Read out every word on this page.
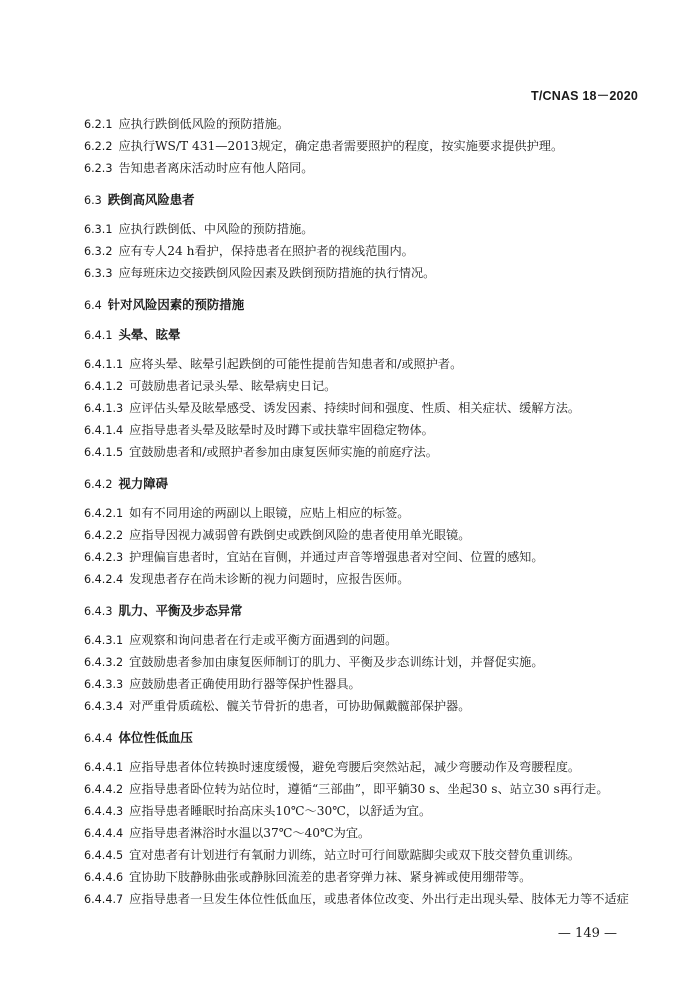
T/CNAS 18－2020
6.2.1 应执行跌倒低风险的预防措施。
6.2.2 应执行WS/T 431—2013规定，确定患者需要照护的程度，按实施要求提供护理。
6.2.3 告知患者离床活动时应有他人陪同。
6.3 跌倒高风险患者
6.3.1 应执行跌倒低、中风险的预防措施。
6.3.2 应有专人24 h看护，保持患者在照护者的视线范围内。
6.3.3 应每班床边交接跌倒风险因素及跌倒预防措施的执行情况。
6.4 针对风险因素的预防措施
6.4.1 头晕、眩晕
6.4.1.1 应将头晕、眩晕引起跌倒的可能性提前告知患者和/或照护者。
6.4.1.2 可鼓励患者记录头晕、眩晕病史日记。
6.4.1.3 应评估头晕及眩晕感受、诱发因素、持续时间和强度、性质、相关症状、缓解方法。
6.4.1.4 应指导患者头晕及眩晕时及时蹲下或扶靠牢固稳定物体。
6.4.1.5 宜鼓励患者和/或照护者参加由康复医师实施的前庭疗法。
6.4.2 视力障碍
6.4.2.1 如有不同用途的两副以上眼镜，应贴上相应的标签。
6.4.2.2 应指导因视力减弱曾有跌倒史或跌倒风险的患者使用单光眼镜。
6.4.2.3 护理偏盲患者时，宜站在盲侧，并通过声音等增强患者对空间、位置的感知。
6.4.2.4 发现患者存在尚未诊断的视力问题时，应报告医师。
6.4.3 肌力、平衡及步态异常
6.4.3.1 应观察和询问患者在行走或平衡方面遇到的问题。
6.4.3.2 宜鼓励患者参加由康复医师制订的肌力、平衡及步态训练计划，并督促实施。
6.4.3.3 应鼓励患者正确使用助行器等保护性器具。
6.4.3.4 对严重骨质疏松、髋关节骨折的患者，可协助佩戴髋部保护器。
6.4.4 体位性低血压
6.4.4.1 应指导患者体位转换时速度缓慢，避免弯腰后突然站起，减少弯腰动作及弯腰程度。
6.4.4.2 应指导患者卧位转为站位时，遵循“三部曲”，即平躺30 s、坐起30 s、站立30 s再行走。
6.4.4.3 应指导患者睡眠时抬高床头10℃～30℃，以舒适为宜。
6.4.4.4 应指导患者淋浴时水温以37℃～40℃为宜。
6.4.4.5 宜对患者有计划进行有氧耐力训练，站立时可行间歇踮脚尖或双下肢交替负重训练。
6.4.4.6 宜协助下肢静脉曲张或静脉回流差的患者穿弹力袜、紧身裤或使用绷带等。
6.4.4.7 应指导患者一旦发生体位性低血压，或患者体位改变、外出行走出现头晕、肢体无力等不适症
— 149 —
